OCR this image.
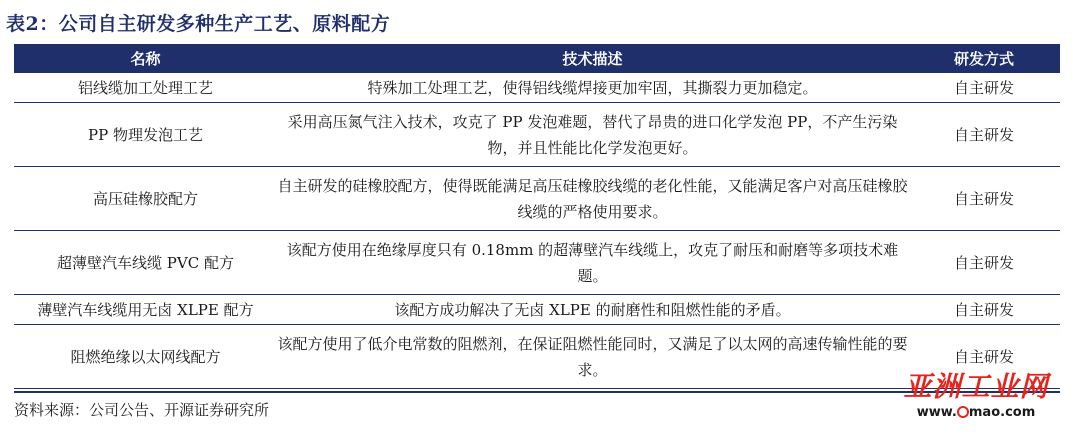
表2：公司自主研发多种生产工艺、原料配方
名称	技术描述	研发方式
铝线缆加工处理工艺	特殊加工处理工艺，使得铝线缆焊接更加牢固，其撕裂力更加稳定。	自主研发
PP 物理发泡工艺	采用高压氮气注入技术，攻克了 PP 发泡难题，替代了昂贵的进口化学发泡 PP，不产生污染物，并且性能比化学发泡更好。	自主研发
高压硅橡胶配方	自主研发的硅橡胶配方，使得既能满足高压硅橡胶线缆的老化性能，又能满足客户对高压硅橡胶线缆的严格使用要求。	自主研发
超薄壁汽车线缆 PVC 配方	该配方使用在绝缘厚度只有 0.18mm 的超薄壁汽车线缆上，攻克了耐压和耐磨等多项技术难题。	自主研发
薄壁汽车线缆用无卤 XLPE 配方	该配方成功解决了无卤 XLPE 的耐磨性和阻燃性能的矛盾。	自主研发
阻燃绝缘以太网线配方	该配方使用了低介电常数的阻燃剂，在保证阻燃性能同时，又满足了以太网的高速传输性能的要求。	自主研发
资料来源：公司公告、开源证券研究所
亚洲工业网
www. mao.com
